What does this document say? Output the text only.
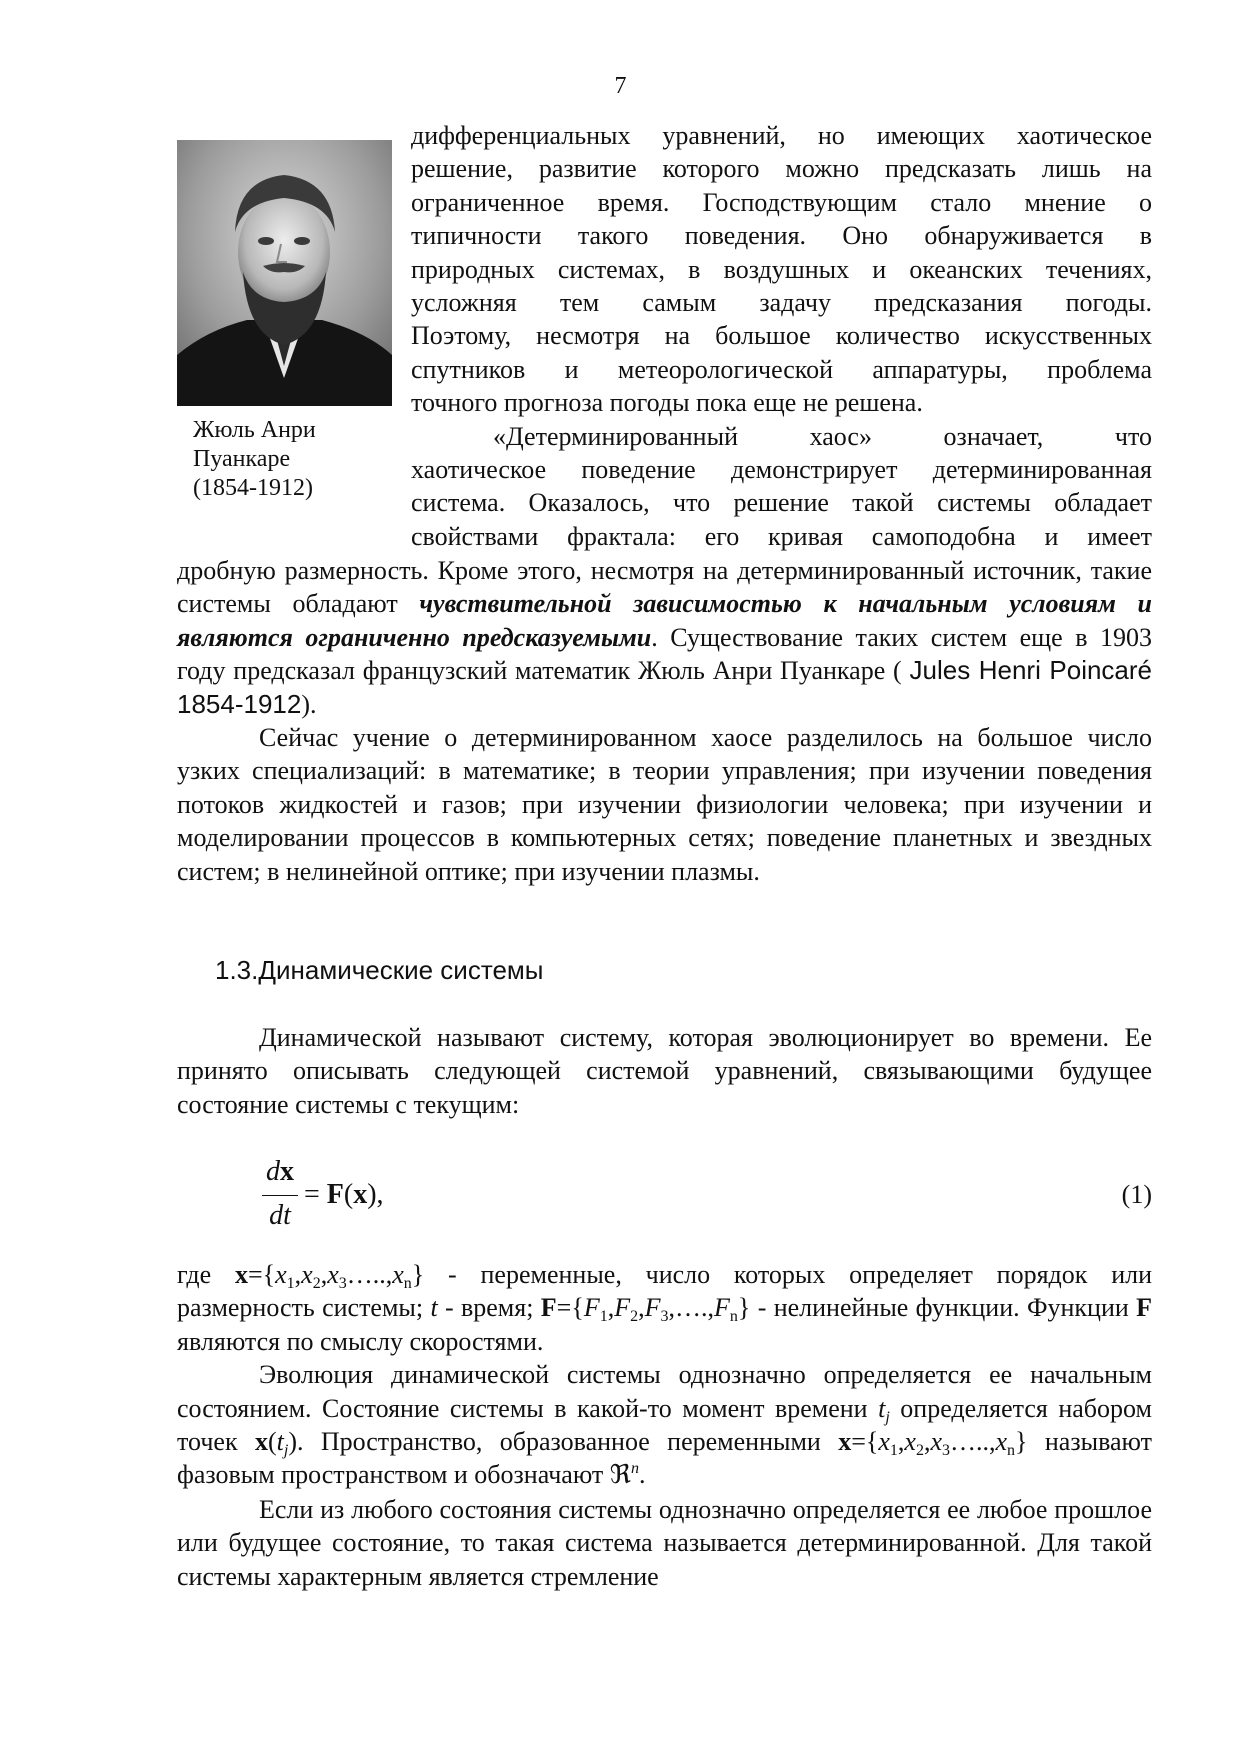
7
Жюль Анри
Пуанкаре
(1854-1912)
дифференциальных уравнений, но имеющих хаотическое
решение, развитие которого можно предсказать лишь на
ограниченное время. Господствующим стало мнение о
типичности такого поведения. Оно обнаруживается в
природных системах, в воздушных и океанских течениях,
усложняя тем самым задачу предсказания погоды.
Поэтому, несмотря на большое количество искусственных
спутников и метеорологической аппаратуры, проблема
точного прогноза погоды пока еще не решена.
«Детерминированный хаос» означает, что
хаотическое поведение демонстрирует детерминированная
система. Оказалось, что решение такой системы обладает
свойствами фрактала: его кривая самоподобна и имеет

дробную размерность. Кроме этого, несмотря на детерминированный источник, такие системы обладают чувствительной зависимостью к начальным условиям и являются ограниченно предсказуемыми. Существование таких систем еще в 1903 году предсказал французский математик Жюль Анри Пуанкаре ( Jules Henri Poincaré 1854-1912).

Сейчас учение о детерминированном хаосе разделилось на большое число узких специализаций: в математике; в теории управления; при изучении поведения потоков жидкостей и газов; при изучении физиологии человека; при изучении и моделировании процессов в компьютерных сетях; поведение планетных и звездных систем; в нелинейной оптике; при изучении плазмы.

1.3.Динамические системы

Динамической называют систему, которая эволюционирует во времени. Ее принято описывать следующей системой уравнений, связывающими будущее состояние системы с текущим:

dx
dt
= F(x),	(1)

где $x=\{x_1,x_2,x_3\dots..,x_n\}$ - переменные, число которых определяет порядок или размерность системы; t - время; $F=\{F_1,F_2,F_3,\dots.,F_n\}$ - нелинейные функции. Функции F являются по смыслу скоростями.

Эволюция динамической системы однозначно определяется ее начальным состоянием. Состояние системы в какой-то момент времени $t_j$ определяется набором точек $x(t_j)$. Пространство, образованное переменными $x=\{x_1,x_2,x_3\dots..,x_n\}$ называют фазовым пространством и обозначают ℜ$^n$.

Если из любого состояния системы однозначно определяется ее любое прошлое или будущее состояние, то такая система называется детерминированной. Для такой системы характерным является стремление
